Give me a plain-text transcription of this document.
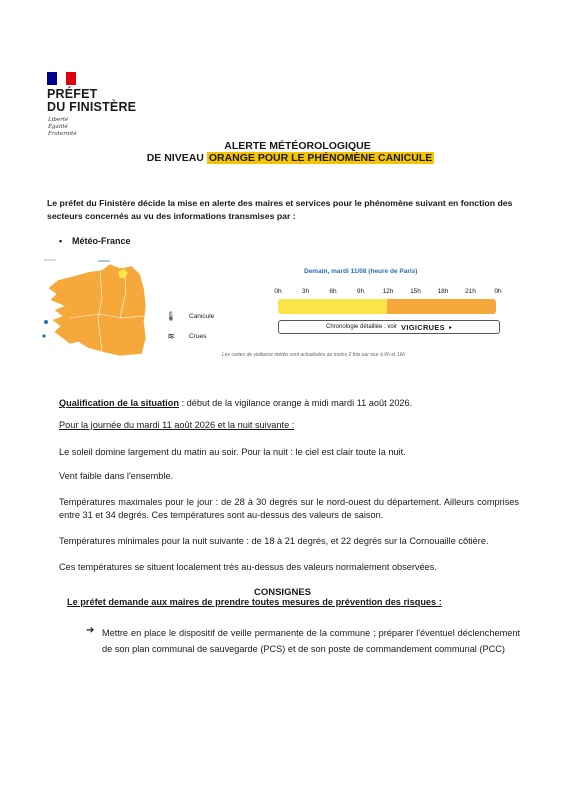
PRÉFET
DU FINISTÈRE
Liberté
Égalité
Fraternité
ALERTE MÉTÉOROLOGIQUE
DE NIVEAU ORANGE POUR LE PHÉNOMÈNE CANICULE
Le préfet du Finistère décide la mise en alerte des maires et services pour le phénomène suivant en fonction des secteurs concernés au vu des informations transmises par :
• Météo-France
🌡	Canicule
≋	Crues
Demain, mardi 11/08 (heure de Paris)
0h	3h	6h	9h	12h	15h	18h	21h	0h
Chronologie détaillée : voir VIGICRUES ▸
Les cartes de vigilance météo sont actualisées au moins 2 fois par jour à 6h et 16h
Qualification de la situation : début de la vigilance orange à midi mardi 11 août 2026.
Pour la journée du mardi 11 août 2026 et la nuit suivante :
Le soleil domine largement du matin au soir. Pour la nuit : le ciel est clair toute la nuit.
Vent faible dans l'ensemble.
Températures maximales pour le jour : de 28 à 30 degrés sur le nord-ouest du département. Ailleurs comprises entre 31 et 34 degrés. Ces températures sont au-dessus des valeurs de saison.
Températures minimales pour la nuit suivante : de 18 à 21 degrés, et 22 degrés sur la Cornouaille côtière.
Ces températures se situent localement très au-dessus des valeurs normalement observées.
CONSIGNES
Le préfet demande aux maires de prendre toutes mesures de prévention des risques :
➔ Mettre en place le dispositif de veille permanente de la commune ; préparer l'éventuel déclenchement de son plan communal de sauvegarde (PCS) et de son poste de commandement communal (PCC)
